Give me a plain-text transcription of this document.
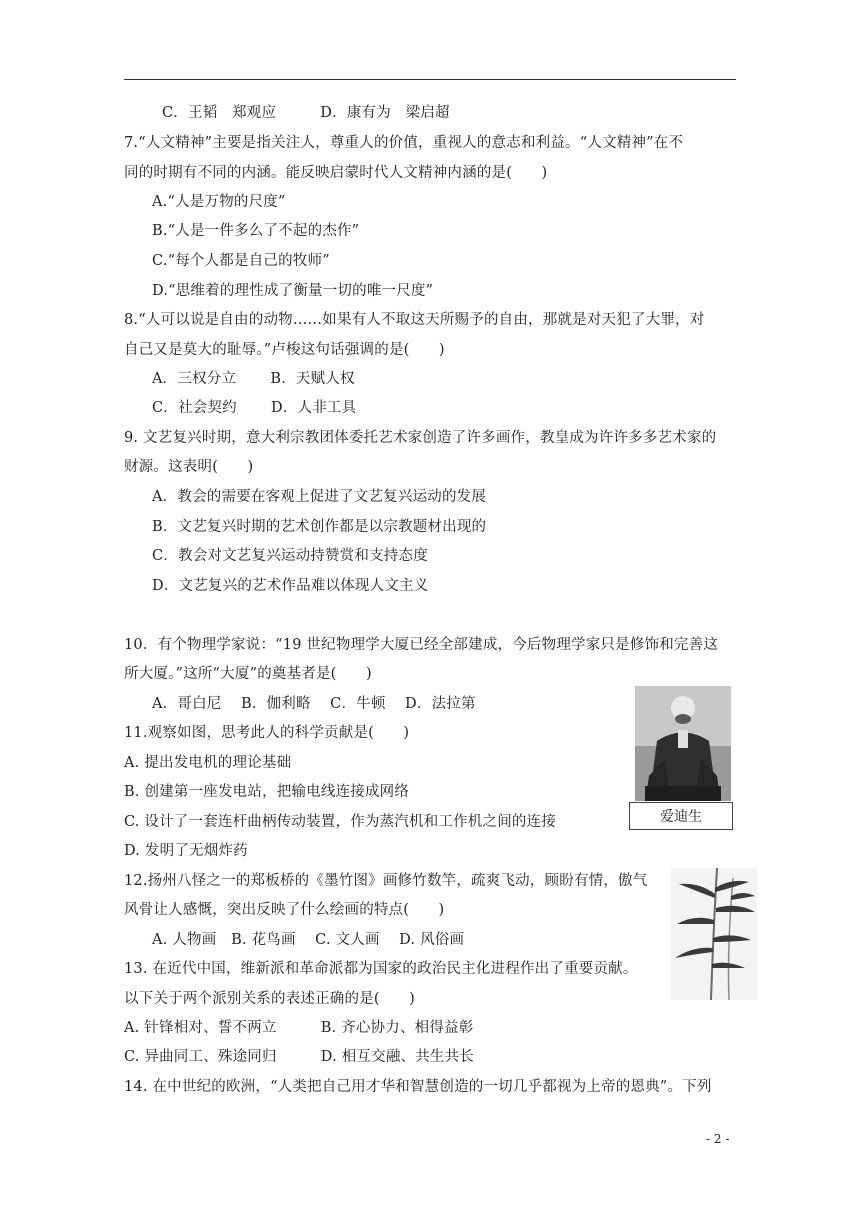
C．王韬　郑观应　　　D．康有为　梁启超
7.“人文精神”主要是指关注人，尊重人的价值，重视人的意志和利益。“人文精神”在不
同的时期有不同的内涵。能反映启蒙时代人文精神内涵的是(　　)
A.“人是万物的尺度”
B.“人是一件多么了不起的杰作”
C.“每个人都是自己的牧师”
D.“思维着的理性成了衡量一切的唯一尺度”
8.“人可以说是自由的动物……如果有人不取这天所赐予的自由，那就是对天犯了大罪，对
自己又是莫大的耻辱。”卢梭这句话强调的是(　　)
A．三权分立　　 B．天赋人权
C．社会契约　　 D．人非工具
9. 文艺复兴时期，意大利宗教团体委托艺术家创造了许多画作，教皇成为许许多多艺术家的
财源。这表明(　　)
A．教会的需要在客观上促进了文艺复兴运动的发展
B．文艺复兴时期的艺术创作都是以宗教题材出现的
C．教会对文艺复兴运动持赞赏和支持态度
D．文艺复兴的艺术作品难以体现人文主义
10．有个物理学家说：“19 世纪物理学大厦已经全部建成，今后物理学家只是修饰和完善这
所大厦。”这所“大厦”的奠基者是(　　)
A．哥白尼　 B．伽利略　 C．牛顿　 D．法拉第
11.观察如图，思考此人的科学贡献是(　　)
A. 提出发电机的理论基础
B. 创建第一座发电站，把输电线连接成网络
C. 设计了一套连杆曲柄传动装置，作为蒸汽机和工作机之间的连接
D. 发明了无烟炸药
12.扬州八怪之一的郑板桥的《墨竹图》画修竹数竿，疏爽飞动，顾盼有情，傲气
风骨让人感慨，突出反映了什么绘画的特点(　　)
A. 人物画　B. 花鸟画　 C. 文人画　 D. 风俗画
13. 在近代中国，维新派和革命派都为国家的政治民主化进程作出了重要贡献。
以下关于两个派别关系的表述正确的是(　　)
A. 针锋相对、誓不两立　　　B. 齐心协力、相得益彰
C. 异曲同工、殊途同归　　　D. 相互交融、共生共长
14. 在中世纪的欧洲，“人类把自己用才华和智慧创造的一切几乎都视为上帝的恩典”。下列
爱迪生
- 2 -
